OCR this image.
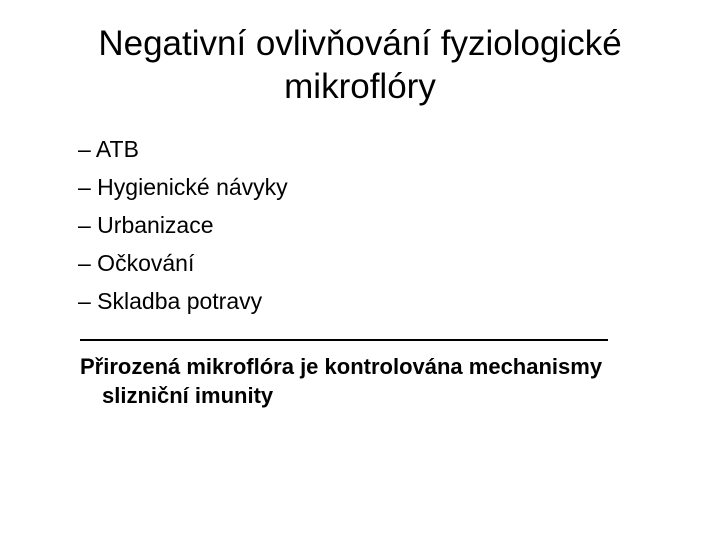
Negativní ovlivňování fyziologické
mikroflóry
– ATB
– Hygienické návyky
– Urbanizace
– Očkování
– Skladba potravy

Přirozená mikroflóra je kontrolována mechanismy
slizniční imunity
